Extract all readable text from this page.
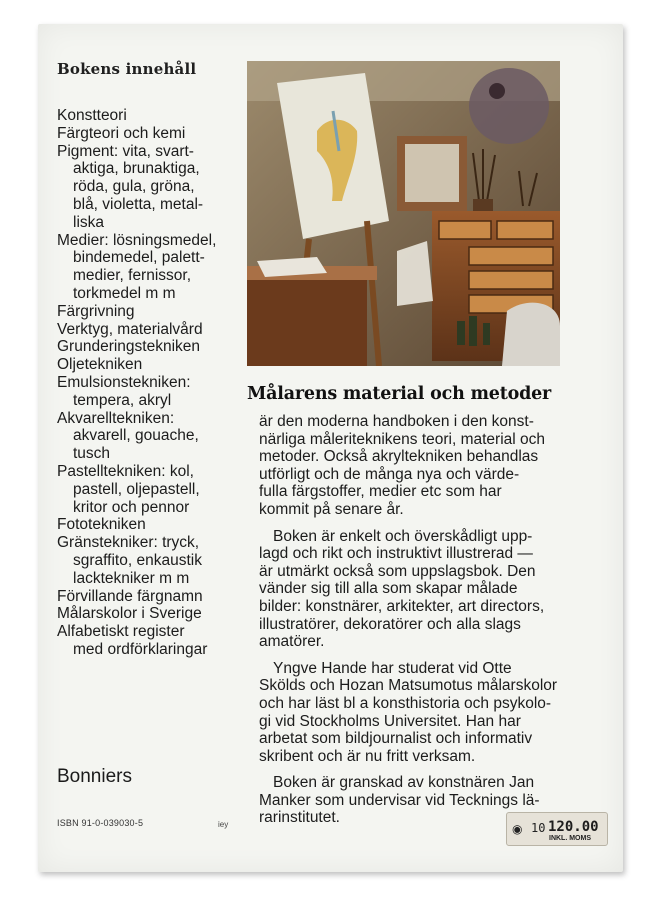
Bokens innehåll
Konstteori
Färgteori och kemi
Pigment: vita, svart-
aktiga, brunaktiga,
röda, gula, gröna,
blå, violetta, metal-
liska
Medier: lösningsmedel,
bindemedel, palett-
medier, fernissor,
torkmedel m m
Färgrivning
Verktyg, materialvård
Grunderingstekniken
Oljetekniken
Emulsionstekniken:
tempera, akryl
Akvarelltekniken:
akvarell, gouache,
tusch
Pastelltekniken: kol,
pastell, oljepastell,
kritor och pennor
Fototekniken
Gränstekniker: tryck,
sgraffito, enkaustik
lacktekniker m m
Förvillande färgnamn
Målarskolor i Sverige
Alfabetiskt register
med ordförklaringar
Målarens material och metoder
är den moderna handboken i den konst-
närliga måleriteknikens teori, material och
metoder. Också akryltekniken behandlas
utförligt och de många nya och värde-
fulla färgstoffer, medier etc som har
kommit på senare år.
Boken är enkelt och överskådligt upp-
lagd och rikt och instruktivt illustrerad —
är utmärkt också som uppslagsbok. Den
vänder sig till alla som skapar målade
bilder: konstnärer, arkitekter, art directors,
illustratörer, dekoratörer och alla slags
amatörer.
Yngve Hande har studerat vid Otte
Skölds och Hozan Matsumotus målarskolor
och har läst bl a konsthistoria och psykolo-
gi vid Stockholms Universitet. Han har
arbetat som bildjournalist och informativ
skribent och är nu fritt verksam.
Boken är granskad av konstnären Jan
Manker som undervisar vid Tecknings lä-
rarinstitutet.
Bonniers
ISBN 91-0-039030-5	iey	◉ 10 120.00
INKL. MOMS
